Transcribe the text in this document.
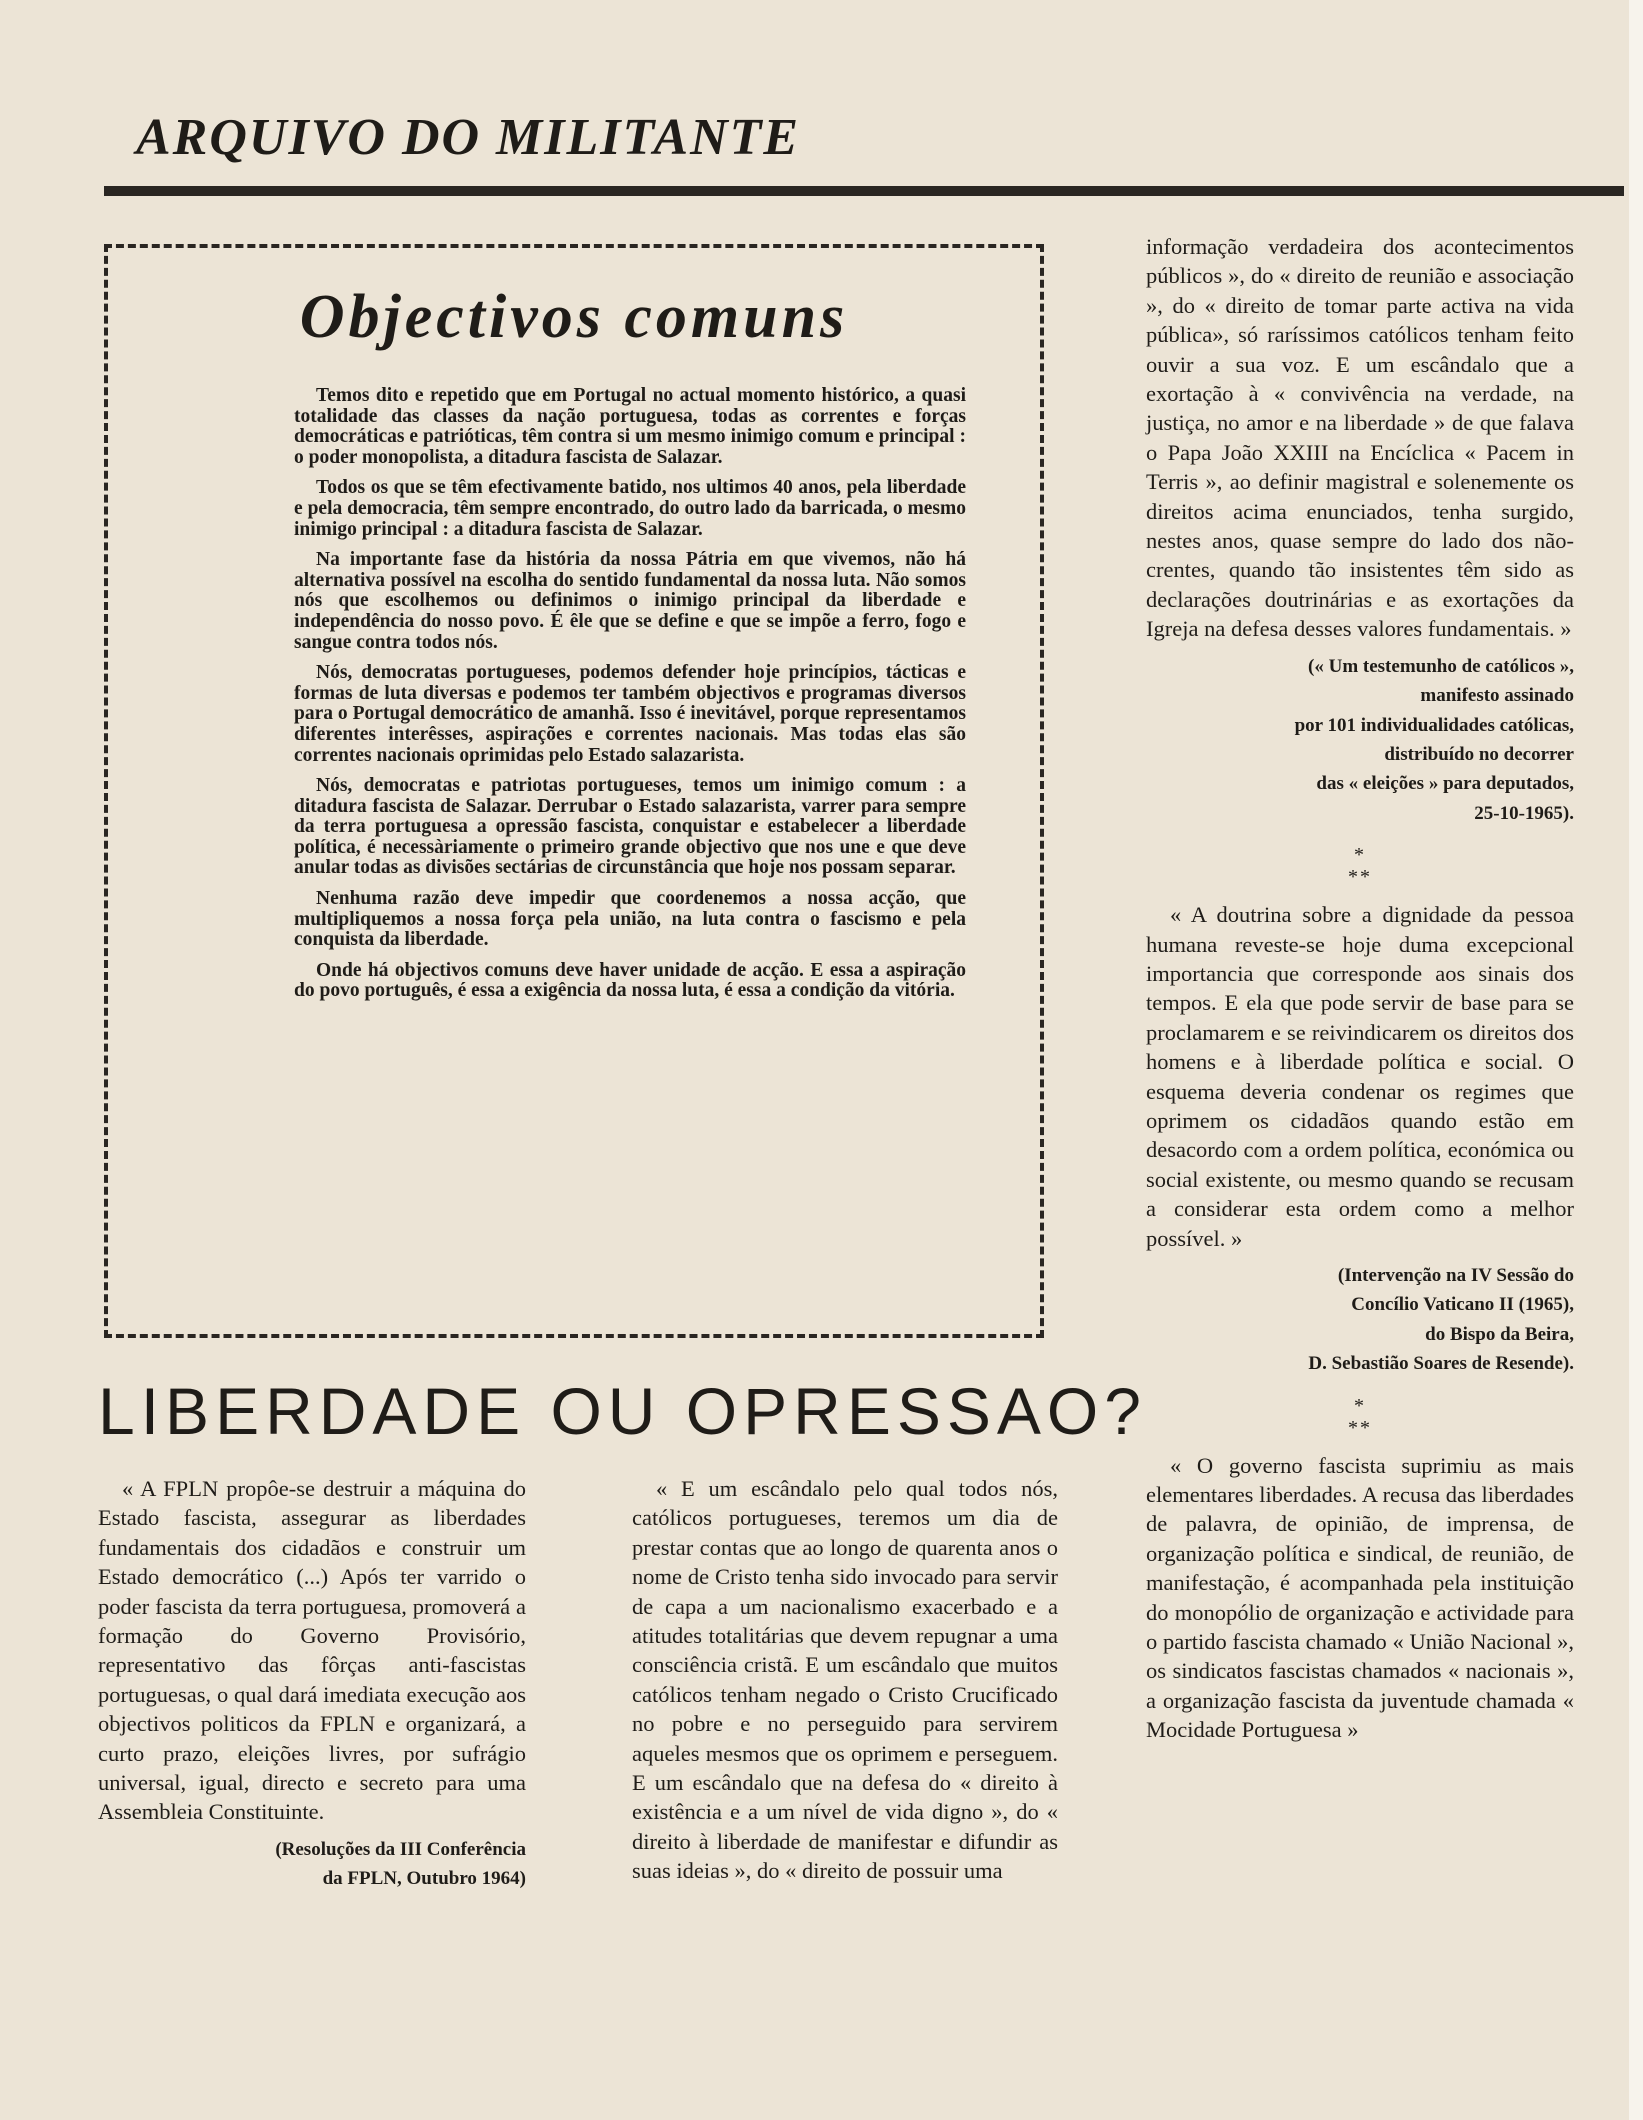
ARQUIVO DO MILITANTE
Objectivos comuns

Temos dito e repetido que em Portugal no actual momento histórico, a quasi totalidade das classes da nação portuguesa, todas as correntes e forças democráticas e patrióticas, têm contra si um mesmo inimigo comum e principal : o poder monopolista, a ditadura fascista de Salazar.

Todos os que se têm efectivamente batido, nos ultimos 40 anos, pela liberdade e pela democracia, têm sempre encontrado, do outro lado da barricada, o mesmo inimigo principal : a ditadura fascista de Salazar.

Na importante fase da história da nossa Pátria em que vivemos, não há alternativa possível na escolha do sentido fundamental da nossa luta. Não somos nós que escolhemos ou definimos o inimigo principal da liberdade e independência do nosso povo. É êle que se define e que se impõe a ferro, fogo e sangue contra todos nós.

Nós, democratas portugueses, podemos defender hoje princípios, tácticas e formas de luta diversas e podemos ter também objectivos e programas diversos para o Portugal democrático de amanhã. Isso é inevitável, porque representamos diferentes interêsses, aspirações e correntes nacionais. Mas todas elas são correntes nacionais oprimidas pelo Estado salazarista.

Nós, democratas e patriotas portugueses, temos um inimigo comum : a ditadura fascista de Salazar. Derrubar o Estado salazarista, varrer para sempre da terra portuguesa a opressão fascista, conquistar e estabelecer a liberdade política, é necessàriamente o primeiro grande objectivo que nos une e que deve anular todas as divisões sectárias de circunstância que hoje nos possam separar.

Nenhuma razão deve impedir que coordenemos a nossa acção, que multipliquemos a nossa força pela união, na luta contra o fascismo e pela conquista da liberdade.

Onde há objectivos comuns deve haver unidade de acção. E essa a aspiração do povo português, é essa a exigência da nossa luta, é essa a condição da vitória.

LIBERDADE OU OPRESSAO?

« A FPLN propôe-se destruir a máquina do Estado fascista, assegurar as liberdades fundamentais dos cidadãos e construir um Estado democrático (...) Após ter varrido o poder fascista da terra portuguesa, promoverá a formação do Governo Provisório, representativo das fôrças anti-fascistas portuguesas, o qual dará imediata execução aos objectivos politicos da FPLN e organizará, a curto prazo, eleições livres, por sufrágio universal, igual, directo e secreto para uma Assembleia Constituinte.

(Resoluções da III Conferência
da FPLN, Outubro 1964)

« E um escândalo pelo qual todos nós, católicos portugueses, teremos um dia de prestar contas que ao longo de quarenta anos o nome de Cristo tenha sido invocado para servir de capa a um nacionalismo exacerbado e a atitudes totalitárias que devem repugnar a uma consciência cristã. E um escândalo que muitos católicos tenham negado o Cristo Crucificado no pobre e no perseguido para servirem aqueles mesmos que os oprimem e perseguem. E um escândalo que na defesa do « direito à existência e a um nível de vida digno », do « direito à liberdade de manifestar e difundir as suas ideias », do « direito de possuir uma

informação verdadeira dos acontecimentos públicos », do « direito de reunião e associação », do « direito de tomar parte activa na vida pública», só raríssimos católicos tenham feito ouvir a sua voz. E um escândalo que a exortação à « convivência na verdade, na justiça, no amor e na liberdade » de que falava o Papa João XXIII na Encíclica « Pacem in Terris », ao definir magistral e solenemente os direitos acima enunciados, tenha surgido, nestes anos, quase sempre do lado dos não-crentes, quando tão insistentes têm sido as declarações doutrinárias e as exortações da Igreja na defesa desses valores fundamentais. »

(« Um testemunho de católicos »,
manifesto assinado
por 101 individualidades católicas,
distribuído no decorrer
das « eleições » para deputados,
25-10-1965).
*
**

« A doutrina sobre a dignidade da pessoa humana reveste-se hoje duma excepcional importancia que corresponde aos sinais dos tempos. E ela que pode servir de base para se proclamarem e se reivindicarem os direitos dos homens e à liberdade política e social. O esquema deveria condenar os regimes que oprimem os cidadãos quando estão em desacordo com a ordem política, económica ou social existente, ou mesmo quando se recusam a considerar esta ordem como a melhor possível. »

(Intervenção na IV Sessão do
Concílio Vaticano II (1965),
do Bispo da Beira,
D. Sebastião Soares de Resende).
*
**

« O governo fascista suprimiu as mais elementares liberdades. A recusa das liberdades de palavra, de opinião, de imprensa, de organização política e sindical, de reunião, de manifestação, é acompanhada pela instituição do monopólio de organização e actividade para o partido fascista chamado « União Nacional », os sindicatos fascistas chamados « nacionais », a organização fascista da juventude chamada « Mocidade Portuguesa »
